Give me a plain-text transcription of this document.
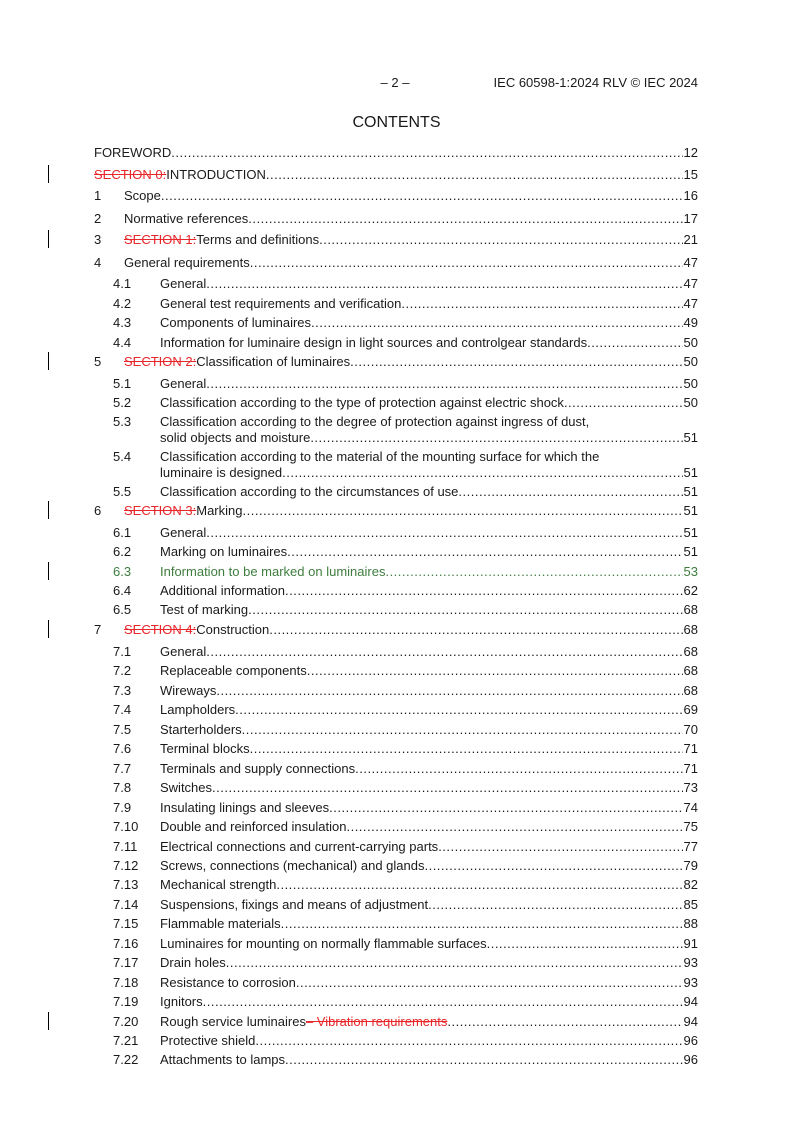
– 2 –	IEC 60598-1:2024 RLV © IEC 2024
CONTENTS
FOREWORD .....	12
SECTION 0: INTRODUCTION .....	15
1 Scope .....	16
2 Normative references .....	17
3 SECTION 1: Terms and definitions .....	21
4 General requirements .....	47
4.1 General .....	47
4.2 General test requirements and verification .....	47
4.3 Components of luminaires .....	49
4.4 Information for luminaire design in light sources and controlgear standards .....	50
5 SECTION 2: Classification of luminaires .....	50
5.1 General .....	50
5.2 Classification according to the type of protection against electric shock .....	50
5.3 Classification according to the degree of protection against ingress of dust,
solid objects and moisture .....	51
5.4 Classification according to the material of the mounting surface for which the
luminaire is designed .....	51
5.5 Classification according to the circumstances of use .....	51
6 SECTION 3: Marking .....	51
6.1 General .....	51
6.2 Marking on luminaires .....	51
6.3 Information to be marked on luminaires .....	53
6.4 Additional information .....	62
6.5 Test of marking .....	68
7 SECTION 4: Construction .....	68
7.1 General .....	68
7.2 Replaceable components .....	68
7.3 Wireways .....	68
7.4 Lampholders .....	69
7.5 Starterholders .....	70
7.6 Terminal blocks .....	71
7.7 Terminals and supply connections .....	71
7.8 Switches .....	73
7.9 Insulating linings and sleeves .....	74
7.10 Double and reinforced insulation .....	75
7.11 Electrical connections and current-carrying parts .....	77
7.12 Screws, connections (mechanical) and glands .....	79
7.13 Mechanical strength .....	82
7.14 Suspensions, fixings and means of adjustment .....	85
7.15 Flammable materials .....	88
7.16 Luminaires for mounting on normally flammable surfaces .....	91
7.17 Drain holes .....	93
7.18 Resistance to corrosion .....	93
7.19 Ignitors .....	94
7.20 Rough service luminaires – Vibration requirements .....	94
7.21 Protective shield .....	96
7.22 Attachments to lamps .....	96
